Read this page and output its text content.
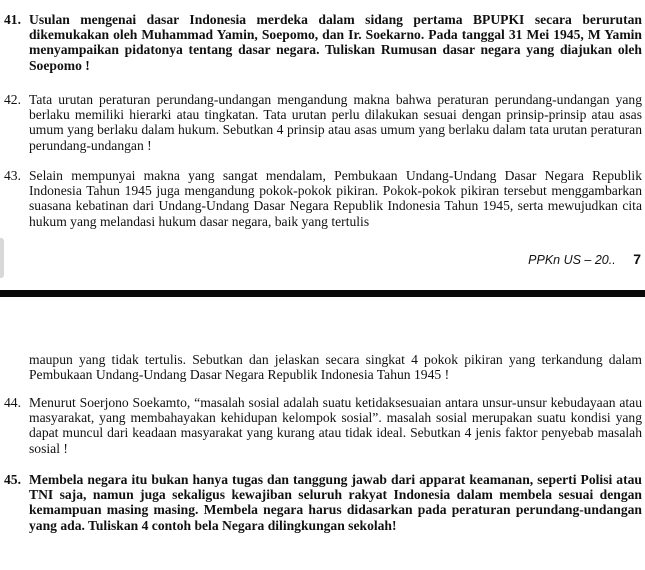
41. Usulan mengenai dasar Indonesia merdeka dalam sidang pertama BPUPKI secara berurutan dikemukakan oleh Muhammad Yamin, Soepomo, dan Ir. Soekarno. Pada tanggal 31 Mei 1945, M Yamin menyampaikan pidatonya tentang dasar negara. Tuliskan Rumusan dasar negara yang diajukan oleh Soepomo !
42. Tata urutan peraturan perundang-undangan mengandung makna bahwa peraturan perundang-undangan yang berlaku memiliki hierarki atau tingkatan. Tata urutan perlu dilakukan sesuai dengan prinsip-prinsip atau asas umum yang berlaku dalam hukum. Sebutkan 4 prinsip atau asas umum yang berlaku dalam tata urutan peraturan perundang-undangan !
43. Selain mempunyai makna yang sangat mendalam, Pembukaan Undang-Undang Dasar Negara Republik Indonesia Tahun 1945 juga mengandung pokok-pokok pikiran. Pokok-pokok pikiran tersebut menggambarkan suasana kebatinan dari Undang-Undang Dasar Negara Republik Indonesia Tahun 1945, serta mewujudkan cita hukum yang melandasi hukum dasar negara, baik yang tertulis
PPKn US – 20.. 7
maupun yang tidak tertulis. Sebutkan dan jelaskan secara singkat 4 pokok pikiran yang terkandung dalam Pembukaan Undang-Undang Dasar Negara Republik Indonesia Tahun 1945 !
44. Menurut Soerjono Soekamto, “masalah sosial adalah suatu ketidaksesuaian antara unsur-unsur kebudayaan atau masyarakat, yang membahayakan kehidupan kelompok sosial”. masalah sosial merupakan suatu kondisi yang dapat muncul dari keadaan masyarakat yang kurang atau tidak ideal. Sebutkan 4 jenis faktor penyebab masalah sosial !
45. Membela negara itu bukan hanya tugas dan tanggung jawab dari apparat keamanan, seperti Polisi atau TNI saja, namun juga sekaligus kewajiban seluruh rakyat Indonesia dalam membela sesuai dengan kemampuan masing masing. Membela negara harus didasarkan pada peraturan perundang-undangan yang ada. Tuliskan 4 contoh bela Negara dilingkungan sekolah!
